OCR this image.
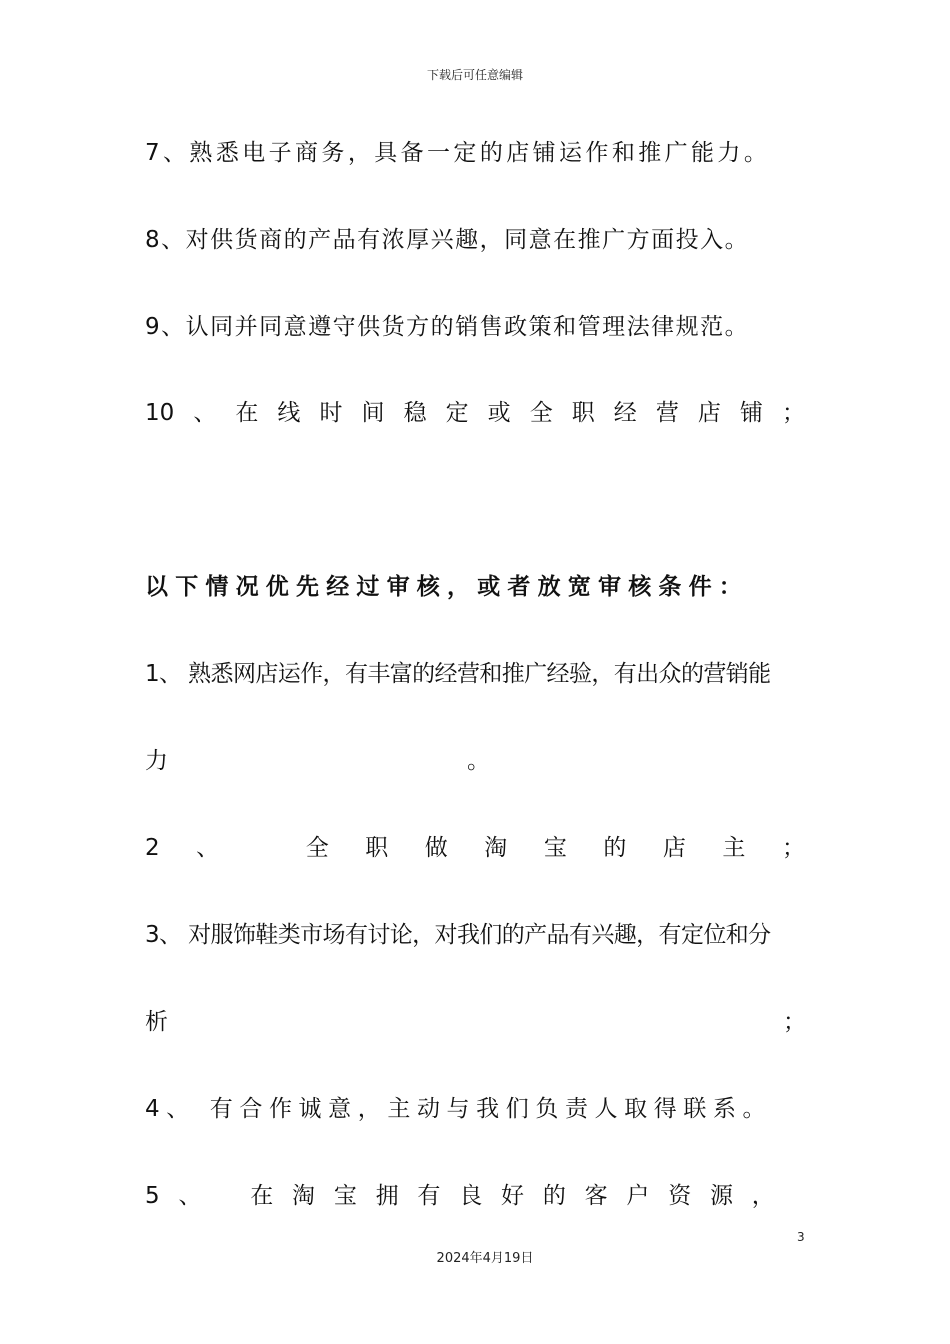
下载后可任意编辑
7、熟悉电子商务，具备一定的店铺运作和推广能力。
8、对供货商的产品有浓厚兴趣，同意在推广方面投入。
9、认同并同意遵守供货方的销售政策和管理法律规范。
10 、 在 线 时 间 稳 定 或 全 职 经 营 店 铺 ；
以下情况优先经过审核，或者放宽审核条件：
1、 熟悉网店运作，有丰富的经营和推广经验，有出众的营销能
力	。
2 、	全 职 做 淘 宝 的 店 主 ；
3、 对服饰鞋类市场有讨论，对我们的产品有兴趣，有定位和分
析	；
4、 有合作诚意，主动与我们负责人取得联系。
5 、 在 淘 宝 拥 有 良 好 的 客 户 资 源 ，
3
2024年4月19日
